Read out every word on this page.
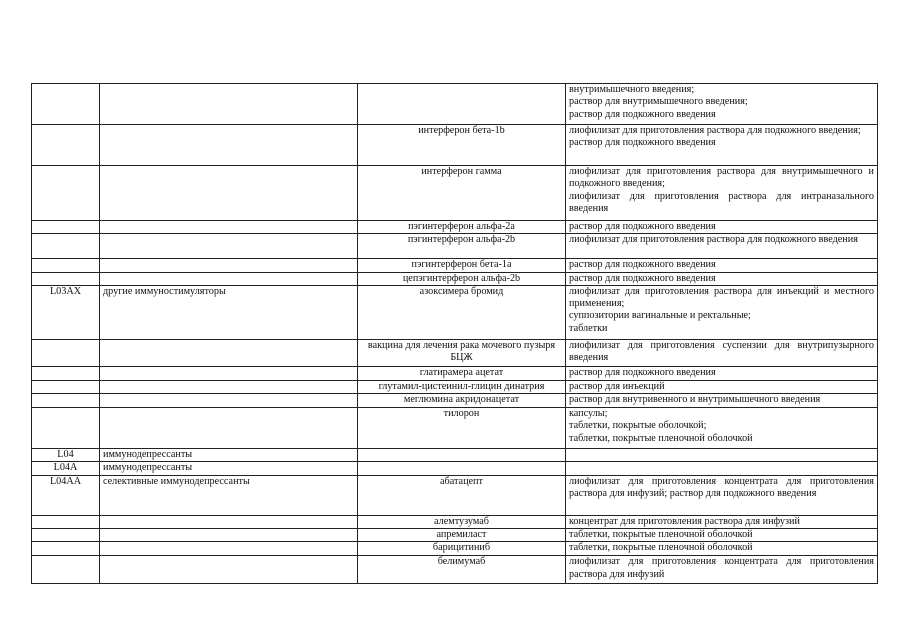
			внутримышечного введения;
раствор для внутримышечного введения;
раствор для подкожного введения

		интерферон бета-1b	лиофилизат для приготовления раствора для подкожного введения;
раствор для подкожного введения

		интерферон гамма	лиофилизат для приготовления раствора для внутримышечного и подкожного введения;
лиофилизат для приготовления раствора для интраназального введения

		пэгинтерферон альфа-2a	раствор для подкожного введения

		пэгинтерферон альфа-2b	лиофилизат для приготовления раствора для подкожного введения

		пэгинтерферон бета-1a	раствор для подкожного введения

		цепэгинтерферон альфа-2b	раствор для подкожного введения

L03AX	другие иммуностимуляторы	азоксимера бромид	лиофилизат для приготовления раствора для инъекций и местного применения;
суппозитории вагинальные и ректальные;
таблетки

		вакцина для лечения рака мочевого пузыря БЦЖ	лиофилизат для приготовления суспензии для внутрипузырного введения

		глатирамера ацетат	раствор для подкожного введения

		глутамил-цистеинил-глицин динатрия	раствор для инъекций

		меглюмина акридонацетат	раствор для внутривенного и внутримышечного введения

		тилорон	капсулы;
таблетки, покрытые оболочкой;
таблетки, покрытые пленочной оболочкой

L04	иммунодепрессанты		

L04A	иммунодепрессанты		

L04AA	селективные иммунодепрессанты	абатацепт	лиофилизат для приготовления концентрата для приготовления раствора для инфузий; раствор для подкожного введения

		алемтузумаб	концентрат для приготовления раствора для инфузий

		апремиласт	таблетки, покрытые пленочной оболочкой

		барицитиниб	таблетки, покрытые пленочной оболочкой

		белимумаб	лиофилизат для приготовления концентрата для приготовления раствора для инфузий
